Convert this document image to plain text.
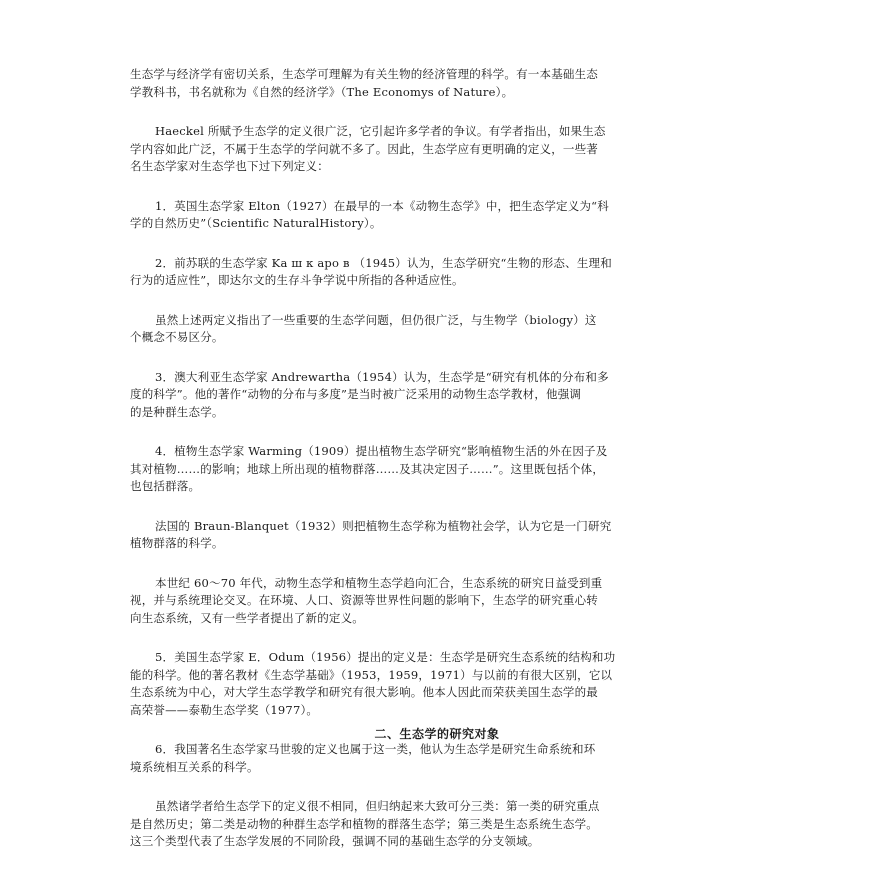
生态学与经济学有密切关系，生态学可理解为有关生物的经济管理的科学。有一本基础生态
学教科书，书名就称为《自然的经济学》（The Economys of Nature）。

Haeckel 所赋予生态学的定义很广泛，它引起许多学者的争议。有学者指出，如果生态
学内容如此广泛，不属于生态学的学问就不多了。因此，生态学应有更明确的定义，一些著
名生态学家对生态学也下过下列定义：

1．英国生态学家 Elton（1927）在最早的一本《动物生态学》中，把生态学定义为“科
学的自然历史”（Scientific NaturalHistory）。

2．前苏联的生态学家 Ka ш к apo в （1945）认为，生态学研究“生物的形态、生理和
行为的适应性”，即达尔文的生存斗争学说中所指的各种适应性。

虽然上述两定义指出了一些重要的生态学问题，但仍很广泛，与生物学（biology）这
个概念不易区分。

3．澳大利亚生态学家 Andrewartha（1954）认为，生态学是“研究有机体的分布和多
度的科学”。他的著作“动物的分布与多度”是当时被广泛采用的动物生态学教材，他强调
的是种群生态学。

4．植物生态学家 Warming（1909）提出植物生态学研究“影响植物生活的外在因子及
其对植物……的影响；地球上所出现的植物群落……及其决定因子……”。这里既包括个体，
也包括群落。

法国的 Braun-Blanquet（1932）则把植物生态学称为植物社会学，认为它是一门研究
植物群落的科学。

本世纪 60～70 年代，动物生态学和植物生态学趋向汇合，生态系统的研究日益受到重
视，并与系统理论交叉。在环境、人口、资源等世界性问题的影响下，生态学的研究重心转
向生态系统，又有一些学者提出了新的定义。

5．美国生态学家 E．Odum（1956）提出的定义是：生态学是研究生态系统的结构和功
能的科学。他的著名教材《生态学基础》（1953，1959，1971）与以前的有很大区别，它以
生态系统为中心，对大学生态学教学和研究有很大影响。他本人因此而荣获美国生态学的最
高荣誉——泰勒生态学奖（1977）。

6．我国著名生态学家马世骏的定义也属于这一类，他认为生态学是研究生命系统和环
境系统相互关系的科学。

虽然诸学者给生态学下的定义很不相同，但归纳起来大致可分三类：第一类的研究重点
是自然历史；第二类是动物的种群生态学和植物的群落生态学；第三类是生态系统生态学。
这三个类型代表了生态学发展的不同阶段，强调不同的基础生态学的分支领域。

二、生态学的研究对象
